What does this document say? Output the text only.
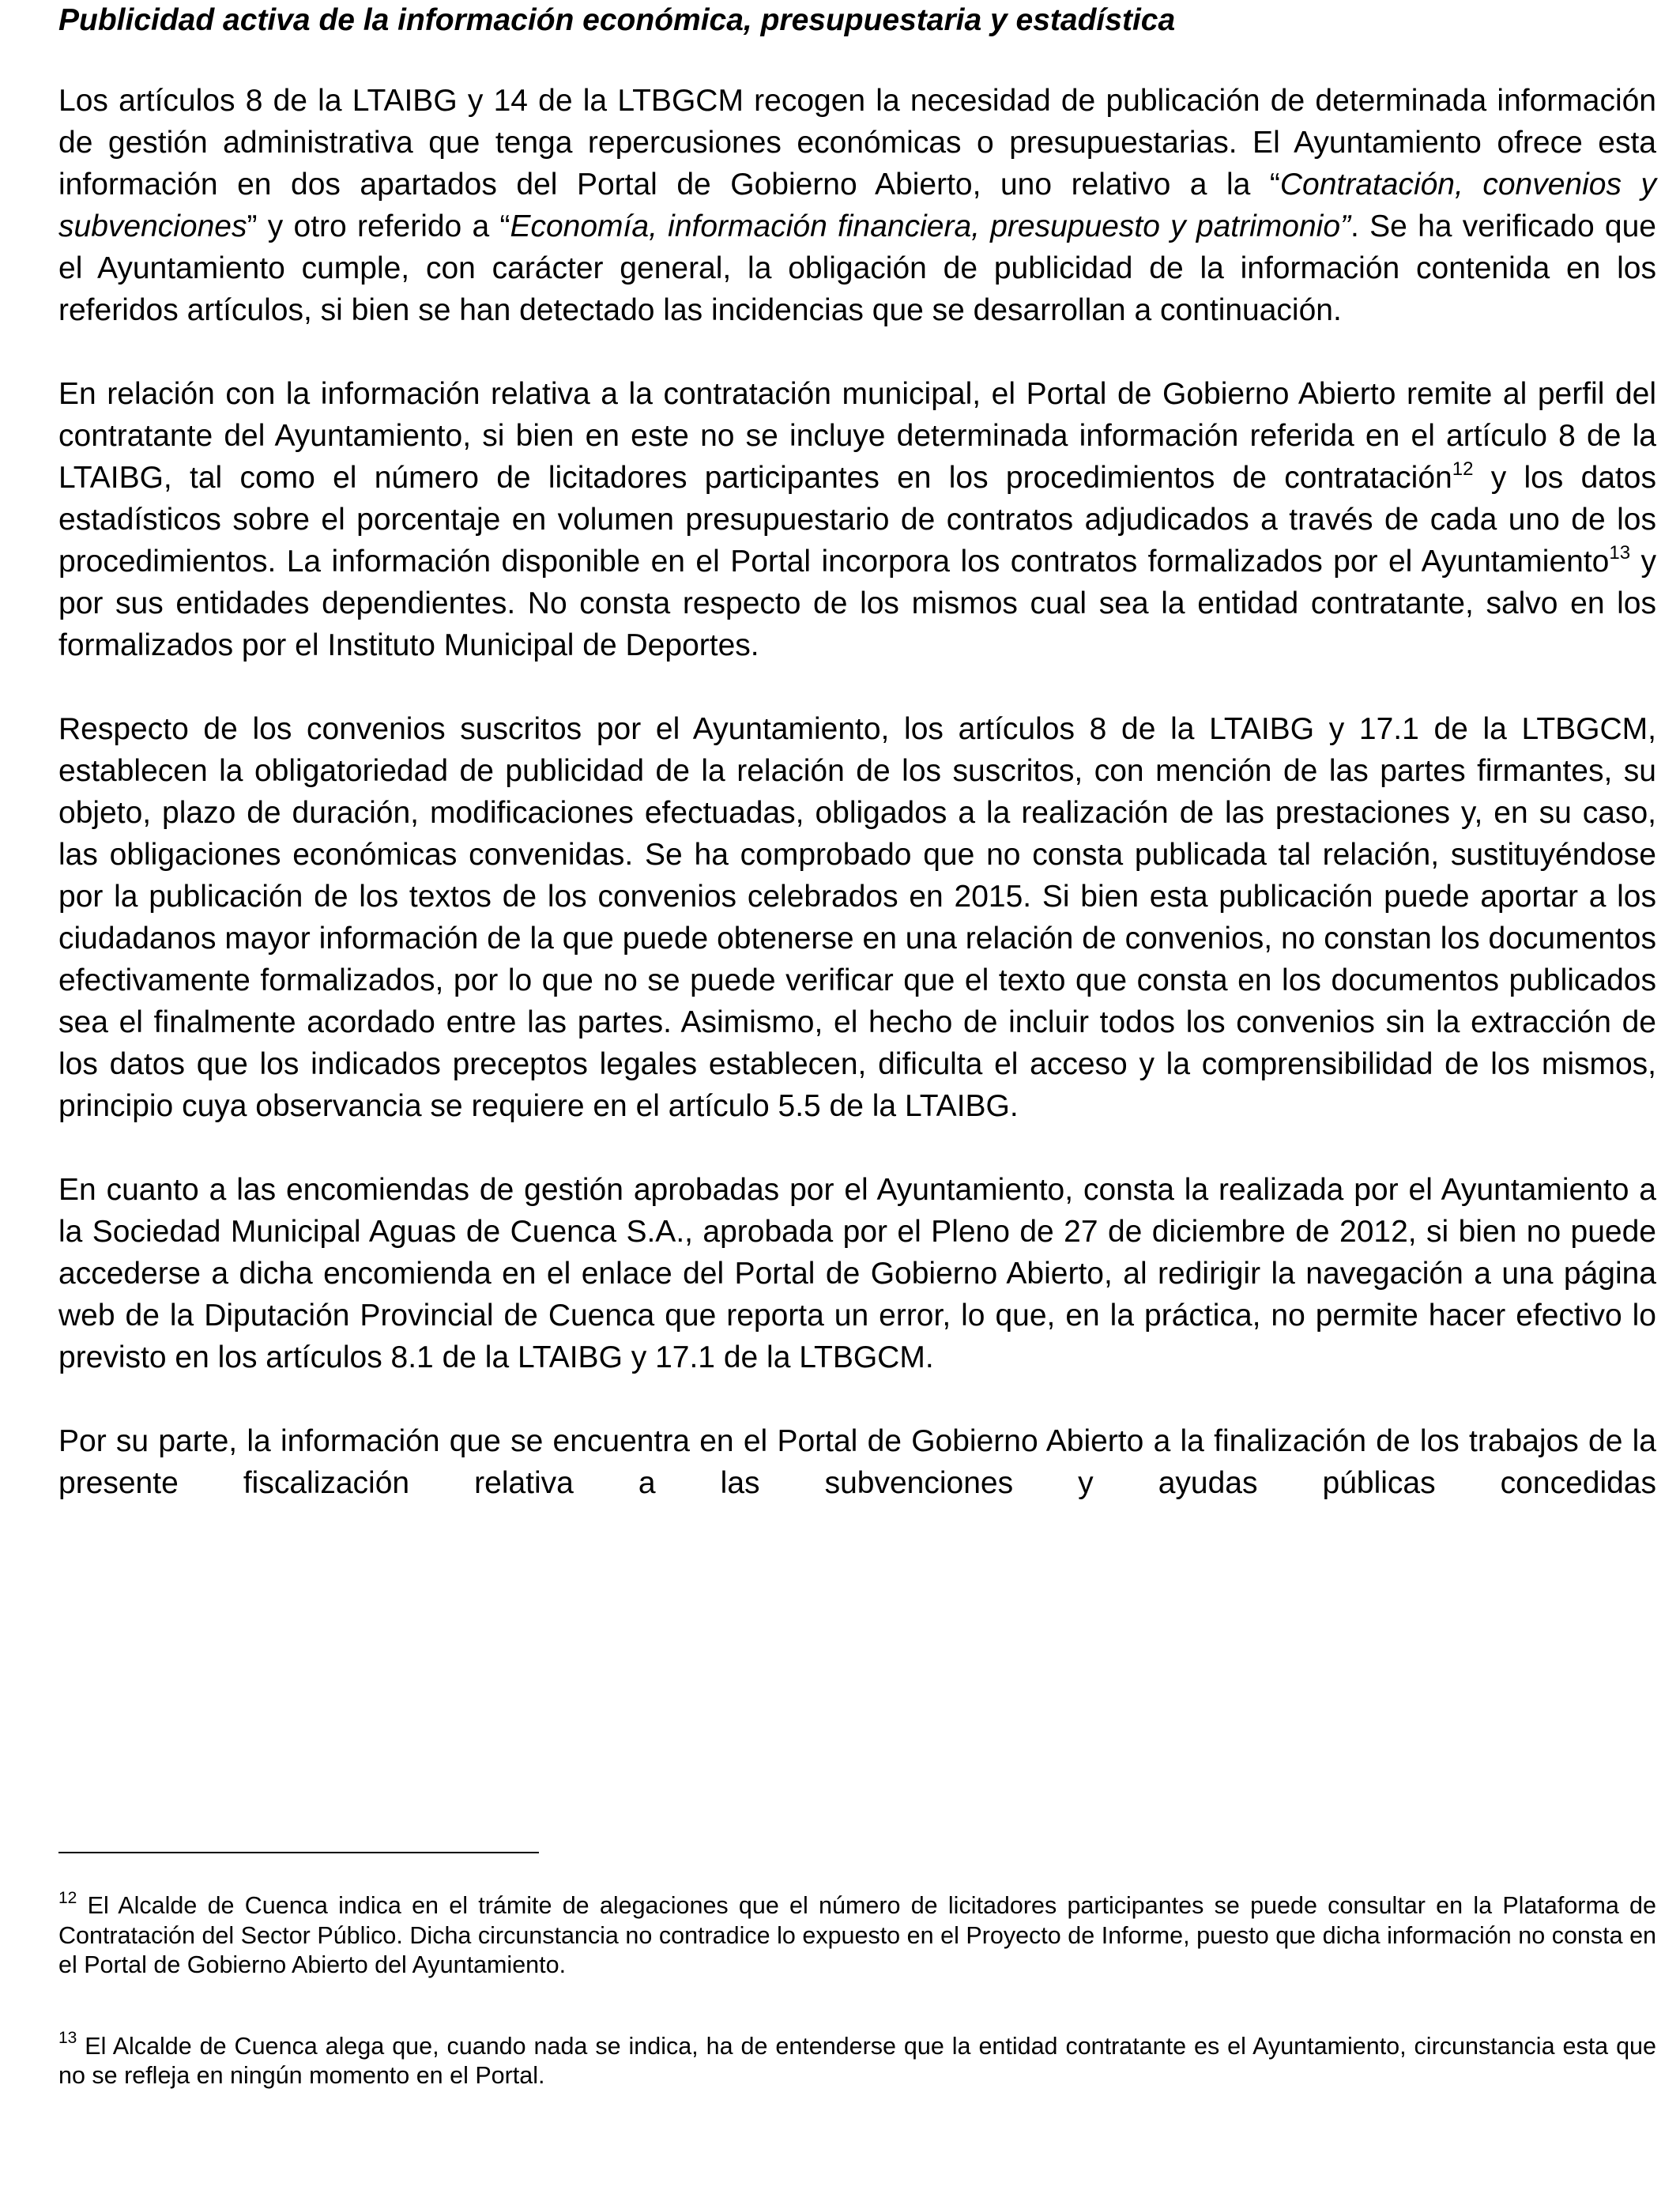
Publicidad activa de la información económica, presupuestaria y estadística

Los artículos 8 de la LTAIBG y 14 de la LTBGCM recogen la necesidad de publicación de determinada información de gestión administrativa que tenga repercusiones económicas o presupuestarias. El Ayuntamiento ofrece esta información en dos apartados del Portal de Gobierno Abierto, uno relativo a la “Contratación, convenios y subvenciones” y otro referido a “Economía, información financiera, presupuesto y patrimonio”. Se ha verificado que el Ayuntamiento cumple, con carácter general, la obligación de publicidad de la información contenida en los referidos artículos, si bien se han detectado las incidencias que se desarrollan a continuación.

En relación con la información relativa a la contratación municipal, el Portal de Gobierno Abierto remite al perfil del contratante del Ayuntamiento, si bien en este no se incluye determinada información referida en el artículo 8 de la LTAIBG, tal como el número de licitadores participantes en los procedimientos de contratación$^{12}$ y los datos estadísticos sobre el porcentaje en volumen presupuestario de contratos adjudicados a través de cada uno de los procedimientos. La información disponible en el Portal incorpora los contratos formalizados por el Ayuntamiento$^{13}$ y por sus entidades dependientes. No consta respecto de los mismos cual sea la entidad contratante, salvo en los formalizados por el Instituto Municipal de Deportes.

Respecto de los convenios suscritos por el Ayuntamiento, los artículos 8 de la LTAIBG y 17.1 de la LTBGCM, establecen la obligatoriedad de publicidad de la relación de los suscritos, con mención de las partes firmantes, su objeto, plazo de duración, modificaciones efectuadas, obligados a la realización de las prestaciones y, en su caso, las obligaciones económicas convenidas. Se ha comprobado que no consta publicada tal relación, sustituyéndose por la publicación de los textos de los convenios celebrados en 2015. Si bien esta publicación puede aportar a los ciudadanos mayor información de la que puede obtenerse en una relación de convenios, no constan los documentos efectivamente formalizados, por lo que no se puede verificar que el texto que consta en los documentos publicados sea el finalmente acordado entre las partes. Asimismo, el hecho de incluir todos los convenios sin la extracción de los datos que los indicados preceptos legales establecen, dificulta el acceso y la comprensibilidad de los mismos, principio cuya observancia se requiere en el artículo 5.5 de la LTAIBG.

En cuanto a las encomiendas de gestión aprobadas por el Ayuntamiento, consta la realizada por el Ayuntamiento a la Sociedad Municipal Aguas de Cuenca S.A., aprobada por el Pleno de 27 de diciembre de 2012, si bien no puede accederse a dicha encomienda en el enlace del Portal de Gobierno Abierto, al redirigir la navegación a una página web de la Diputación Provincial de Cuenca que reporta un error, lo que, en la práctica, no permite hacer efectivo lo previsto en los artículos 8.1 de la LTAIBG y 17.1 de la LTBGCM.

Por su parte, la información que se encuentra en el Portal de Gobierno Abierto a la finalización de los trabajos de la presente fiscalización relativa a las subvenciones y ayudas públicas concedidas

$^{12}$ El Alcalde de Cuenca indica en el trámite de alegaciones que el número de licitadores participantes se puede consultar en la Plataforma de Contratación del Sector Público. Dicha circunstancia no contradice lo expuesto en el Proyecto de Informe, puesto que dicha información no consta en el Portal de Gobierno Abierto del Ayuntamiento.

$^{13}$ El Alcalde de Cuenca alega que, cuando nada se indica, ha de entenderse que la entidad contratante es el Ayuntamiento, circunstancia esta que no se refleja en ningún momento en el Portal.
